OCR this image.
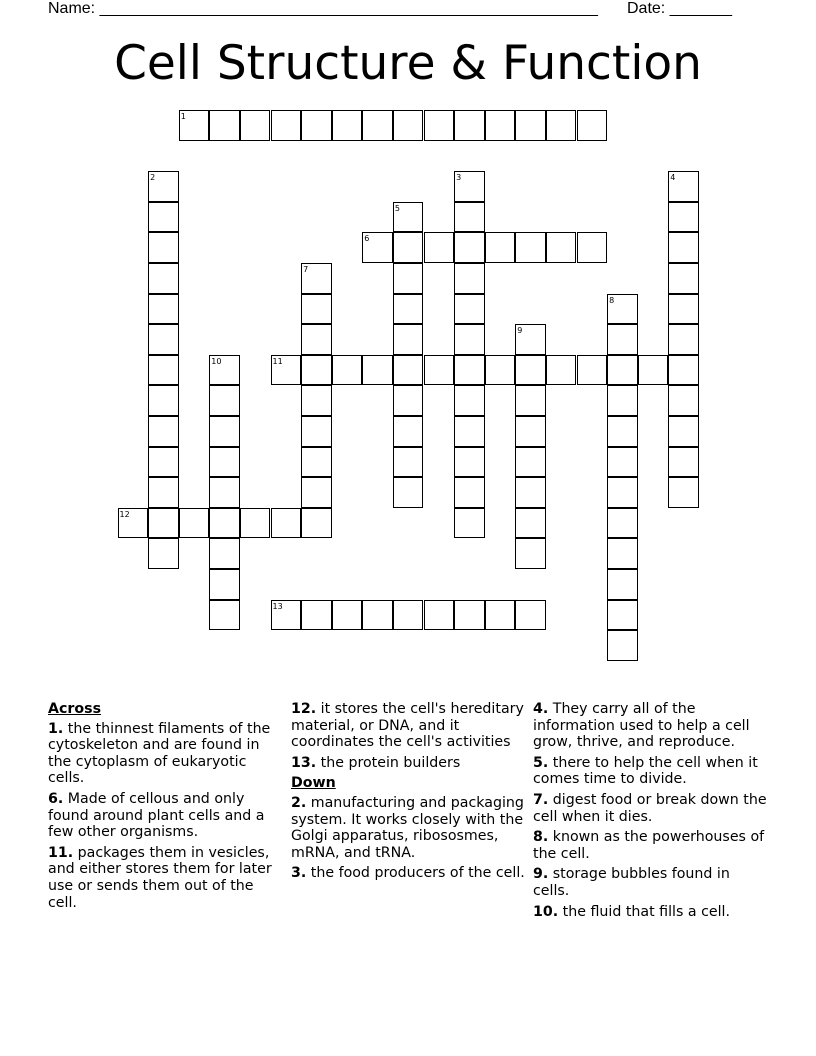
Name: ________________________________________________________ Date: _______
Cell Structure & Function
1
2	3	4
5
6
7
8
9
10	11
12
13
Across
1. the thinnest filaments of the cytoskeleton and are found in the cytoplasm of eukaryotic cells.
6. Made of cellous and only found around plant cells and a few other organisms.
11. packages them in vesicles, and either stores them for later use or sends them out of the cell.
12. it stores the cell's hereditary material, or DNA, and it coordinates the cell's activities
13. the protein builders
Down
2. manufacturing and packaging system. It works closely with the Golgi apparatus, ribososmes, mRNA, and tRNA.
3. the food producers of the cell.
4. They carry all of the information used to help a cell grow, thrive, and reproduce.
5. there to help the cell when it comes time to divide.
7. digest food or break down the cell when it dies.
8. known as the powerhouses of the cell.
9. storage bubbles found in cells.
10. the fluid that fills a cell.
